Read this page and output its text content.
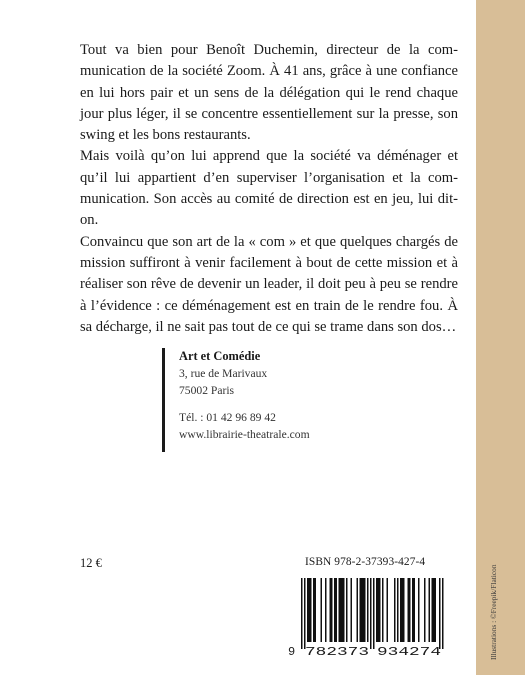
Tout va bien pour Benoît Duchemin, directeur de la communication de la société Zoom. À 41 ans, grâce à une confiance en lui hors pair et un sens de la délégation qui le rend chaque jour plus léger, il se concentre essentiellement sur la presse, son swing et les bons restaurants.

Mais voilà qu’on lui apprend que la société va déménager et qu’il lui appartient d’en superviser l’organisation et la communication. Son accès au comité de direction est en jeu, lui dit-on.

Convaincu que son art de la « com » et que quelques chargés de mission suffiront à venir facilement à bout de cette mission et à réaliser son rêve de devenir un leader, il doit peu à peu se rendre à l’évidence : ce déménagement est en train de le rendre fou. À sa décharge, il ne sait pas tout de ce qui se trame dans son dos…

Art et Comédie
3, rue de Marivaux
75002 Paris
Tél. : 01 42 96 89 42
www.librairie-theatrale.com
12 €	ISBN 978-2-37393-427-4
9 782373 934274	Illustrations : ©Freepik/Flaticon
